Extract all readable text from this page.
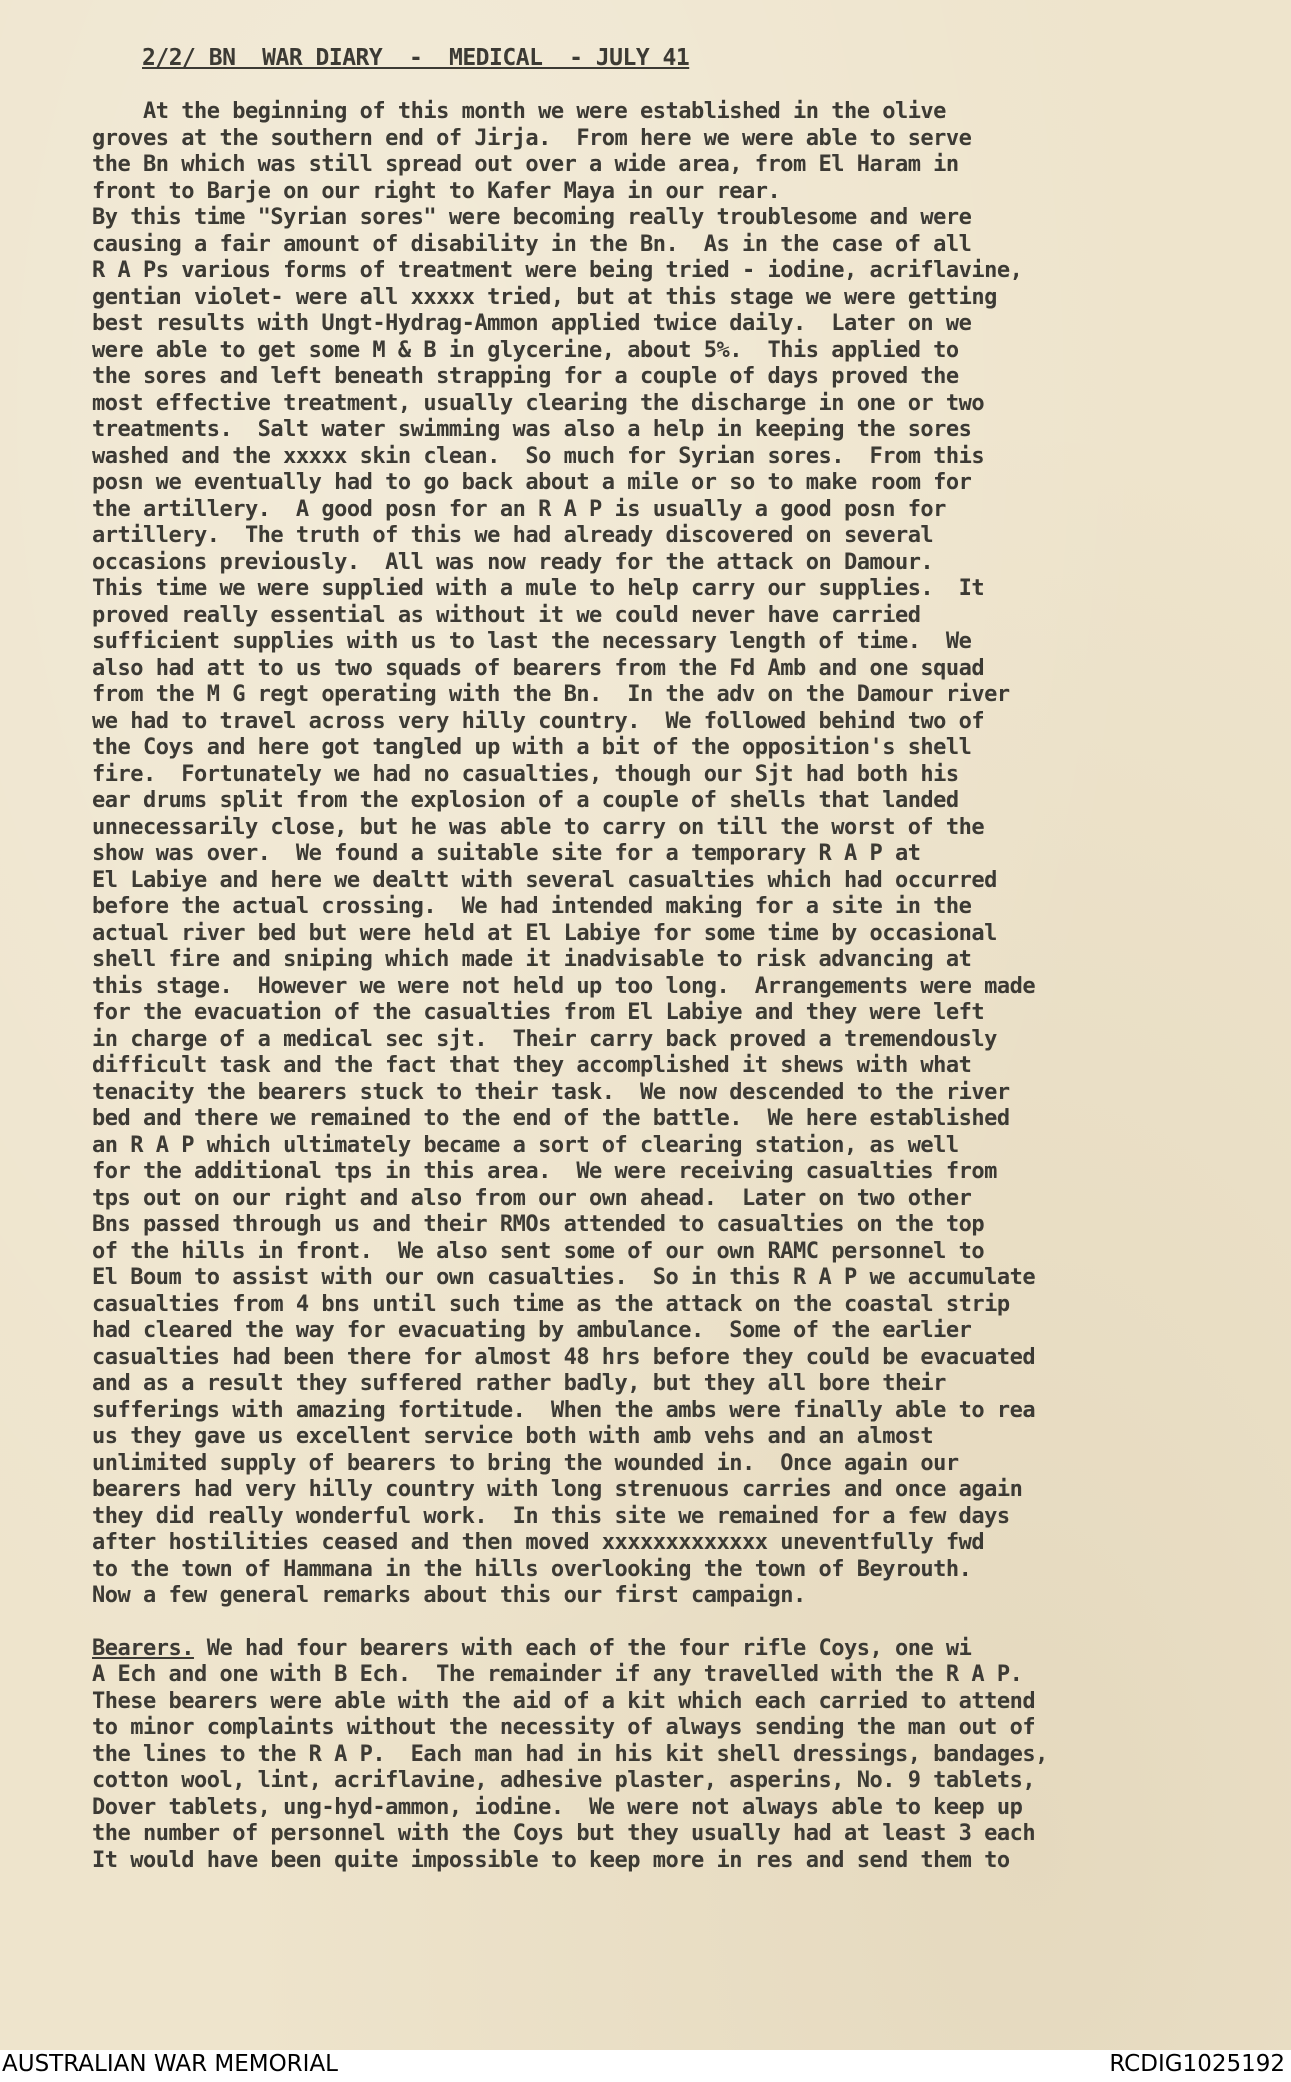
2/2/ BN  WAR DIARY  -  MEDICAL  - JULY 41
At the beginning of this month we were established in the olive
groves at the southern end of Jirja.  From here we were able to serve
the Bn which was still spread out over a wide area, from El Haram in
front to Barje on our right to Kafer Maya in our rear.
By this time "Syrian sores" were becoming really troublesome and were
causing a fair amount of disability in the Bn.  As in the case of all
R A Ps various forms of treatment were being tried - iodine, acriflavine,
gentian violet- were all xxxxx tried, but at this stage we were getting
best results with Ungt-Hydrag-Ammon applied twice daily.  Later on we
were able to get some M & B in glycerine, about 5%.  This applied to
the sores and left beneath strapping for a couple of days proved the
most effective treatment, usually clearing the discharge in one or two
treatments.  Salt water swimming was also a help in keeping the sores
washed and the xxxxx skin clean.  So much for Syrian sores.  From this
posn we eventually had to go back about a mile or so to make room for
the artillery.  A good posn for an R A P is usually a good posn for
artillery.  The truth of this we had already discovered on several
occasions previously.  All was now ready for the attack on Damour.
This time we were supplied with a mule to help carry our supplies.  It
proved really essential as without it we could never have carried
sufficient supplies with us to last the necessary length of time.  We
also had att to us two squads of bearers from the Fd Amb and one squad
from the M G regt operating with the Bn.  In the adv on the Damour river
we had to travel across very hilly country.  We followed behind two of
the Coys and here got tangled up with a bit of the opposition's shell
fire.  Fortunately we had no casualties, though our Sjt had both his
ear drums split from the explosion of a couple of shells that landed
unnecessarily close, but he was able to carry on till the worst of the
show was over.  We found a suitable site for a temporary R A P at
El Labiye and here we dealtt with several casualties which had occurred
before the actual crossing.  We had intended making for a site in the
actual river bed but were held at El Labiye for some time by occasional
shell fire and sniping which made it inadvisable to risk advancing at
this stage.  However we were not held up too long.  Arrangements were made
for the evacuation of the casualties from El Labiye and they were left
in charge of a medical sec sjt.  Their carry back proved a tremendously
difficult task and the fact that they accomplished it shews with what
tenacity the bearers stuck to their task.  We now descended to the river
bed and there we remained to the end of the battle.  We here established
an R A P which ultimately became a sort of clearing station, as well
for the additional tps in this area.  We were receiving casualties from
tps out on our right and also from our own ahead.  Later on two other
Bns passed through us and their RMOs attended to casualties on the top
of the hills in front.  We also sent some of our own RAMC personnel to
El Boum to assist with our own casualties.  So in this R A P we accumulate
casualties from 4 bns until such time as the attack on the coastal strip
had cleared the way for evacuating by ambulance.  Some of the earlier
casualties had been there for almost 48 hrs before they could be evacuated
and as a result they suffered rather badly, but they all bore their
sufferings with amazing fortitude.  When the ambs were finally able to rea
us they gave us excellent service both with amb vehs and an almost
unlimited supply of bearers to bring the wounded in.  Once again our
bearers had very hilly country with long strenuous carries and once again
they did really wonderful work.  In this site we remained for a few days
after hostilities ceased and then moved xxxxxxxxxxxxx uneventfully fwd
to the town of Hammana in the hills overlooking the town of Beyrouth.
Now a few general remarks about this our first campaign.
Bearers. We had four bearers with each of the four rifle Coys, one wi
A Ech and one with B Ech.  The remainder if any travelled with the R A P.
These bearers were able with the aid of a kit which each carried to attend
to minor complaints without the necessity of always sending the man out of
the lines to the R A P.  Each man had in his kit shell dressings, bandages,
cotton wool, lint, acriflavine, adhesive plaster, asperins, No. 9 tablets,
Dover tablets, ung-hyd-ammon, iodine.  We were not always able to keep up
the number of personnel with the Coys but they usually had at least 3 each
It would have been quite impossible to keep more in res and send them to
AUSTRALIAN WAR MEMORIAL	RCDIG1025192
